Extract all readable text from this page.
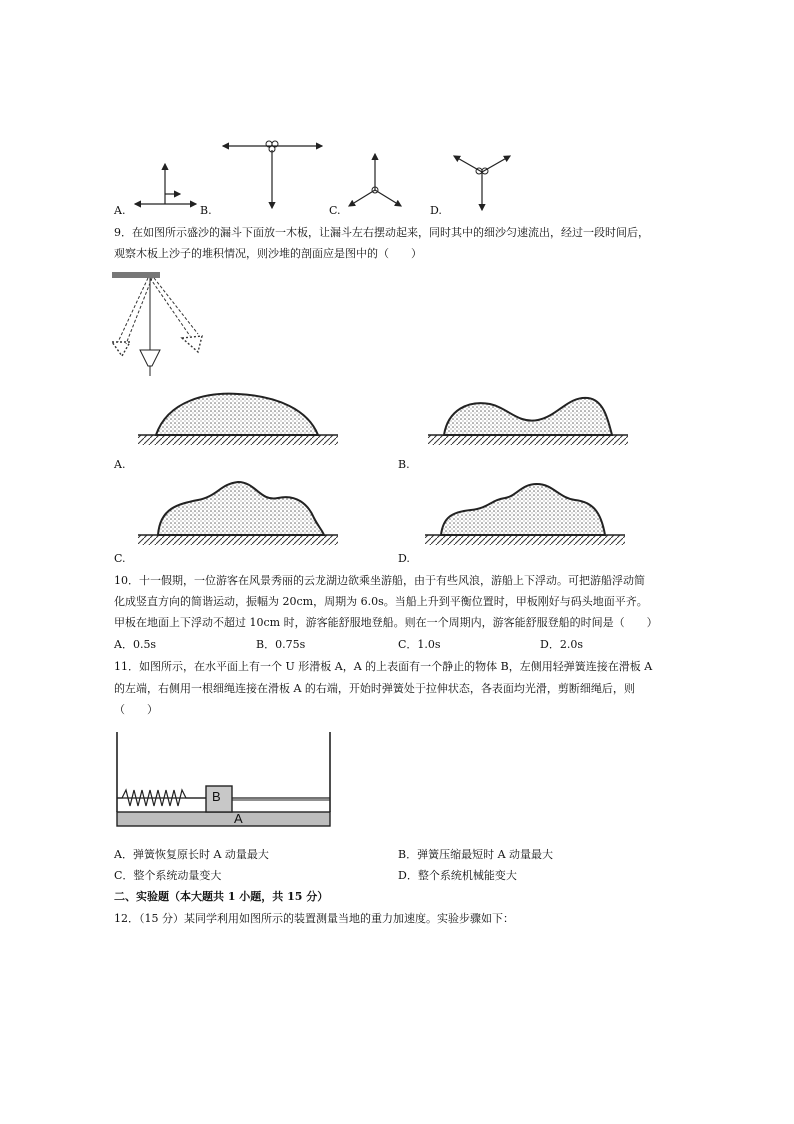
A.	B.	C.	D.
9．在如图所示盛沙的漏斗下面放一木板，让漏斗左右摆动起来，同时其中的细沙匀速流出，经过一段时间后，
观察木板上沙子的堆积情况，则沙堆的剖面应是图中的（　　）
A.	B.
C.	D.
10．十一假期，一位游客在风景秀丽的云龙湖边欲乘坐游船，由于有些风浪，游船上下浮动。可把游船浮动简
化成竖直方向的简谐运动，振幅为 20cm，周期为 6.0s。当船上升到平衡位置时，甲板刚好与码头地面平齐。
甲板在地面上下浮动不超过 10cm 时，游客能舒服地登船。则在一个周期内，游客能舒服登船的时间是（　　）
A．0.5s	B．0.75s	C．1.0s	D．2.0s
11．如图所示，在水平面上有一个 U 形滑板 A，A 的上表面有一个静止的物体 B，左侧用轻弹簧连接在滑板 A
的左端，右侧用一根细绳连接在滑板 A 的右端，开始时弹簧处于拉伸状态，各表面均光滑，剪断细绳后，则
（　　）
B
A
A．弹簧恢复原长时 A 动量最大	B．弹簧压缩最短时 A 动量最大
C．整个系统动量变大	D．整个系统机械能变大
二、实验题（本大题共 1 小题，共 15 分）
12．（15 分）某同学利用如图所示的装置测量当地的重力加速度。实验步骤如下：
